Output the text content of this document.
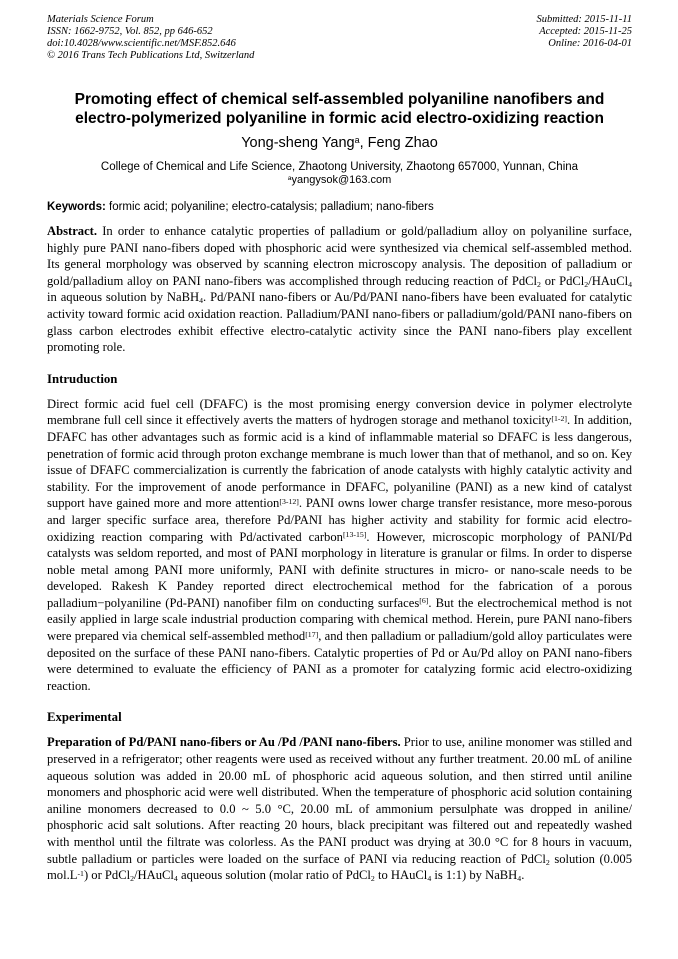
Materials Science Forum
ISSN: 1662-9752, Vol. 852, pp 646-652
doi:10.4028/www.scientific.net/MSF.852.646
© 2016 Trans Tech Publications Ltd, Switzerland
Submitted: 2015-11-11
Accepted: 2015-11-25
Online: 2016-04-01
Promoting effect of chemical self-assembled polyaniline nanofibers and electro-polymerized polyaniline in formic acid electro-oxidizing reaction
Yong-sheng Yang$^a$, Feng Zhao
College of Chemical and Life Science, Zhaotong University, Zhaotong 657000, Yunnan, China
$^a$yangysok@163.com
Keywords: formic acid; polyaniline; electro-catalysis; palladium; nano-fibers

Abstract. In order to enhance catalytic properties of palladium or gold/palladium alloy on polyaniline surface, highly pure PANI nano-fibers doped with phosphoric acid were synthesized via chemical self-assembled method. Its general morphology was observed by scanning electron microscopy analysis. The deposition of palladium or gold/palladium alloy on PANI nano-fibers was accomplished through reducing reaction of PdCl$_2$ or PdCl$_2$/HAuCl$_4$ in aqueous solution by NaBH$_4$. Pd/PANI nano-fibers or Au/Pd/PANI nano-fibers have been evaluated for catalytic activity toward formic acid oxidation reaction. Palladium/PANI nano-fibers or palladium/gold/PANI nano-fibers on glass carbon electrodes exhibit effective electro-catalytic activity since the PANI nano-fibers play excellent promoting role.

Intruduction

Direct formic acid fuel cell (DFAFC) is the most promising energy conversion device in polymer electrolyte membrane full cell since it effectively averts the matters of hydrogen storage and methanol toxicity[1-2]. In addition, DFAFC has other advantages such as formic acid is a kind of inflammable material so DFAFC is less dangerous, penetration of formic acid through proton exchange membrane is much lower than that of methanol, and so on. Key issue of DFAFC commercialization is currently the fabrication of anode catalysts with highly catalytic activity and stability. For the improvement of anode performance in DFAFC, polyaniline (PANI) as a new kind of catalyst support have gained more and more attention[3-12]. PANI owns lower charge transfer resistance, more meso-porous and larger specific surface area, therefore Pd/PANI has higher activity and stability for formic acid electro-oxidizing reaction comparing with Pd/activated carbon[13-15]. However, microscopic morphology of PANI/Pd catalysts was seldom reported, and most of PANI morphology in literature is granular or films. In order to disperse noble metal among PANI more uniformly, PANI with definite structures in micro- or nano-scale needs to be developed. Rakesh K Pandey reported direct electrochemical method for the fabrication of a porous palladium−polyaniline (Pd-PANI) nanofiber film on conducting surfaces[6]. But the electrochemical method is not easily applied in large scale industrial production comparing with chemical method. Herein, pure PANI nano-fibers were prepared via chemical self-assembled method[17], and then palladium or palladium/gold alloy particulates were deposited on the surface of these PANI nano-fibers. Catalytic properties of Pd or Au/Pd alloy on PANI nano-fibers were determined to evaluate the efficiency of PANI as a promoter for catalyzing formic acid electro-oxidizing reaction.

Experimental

Preparation of Pd/PANI nano-fibers or Au /Pd /PANI nano-fibers. Prior to use, aniline monomer was stilled and preserved in a refrigerator; other reagents were used as received without any further treatment. 20.00 mL of aniline aqueous solution was added in 20.00 mL of phosphoric acid aqueous solution, and then stirred until aniline monomers and phosphoric acid were well distributed. When the temperature of phosphoric acid solution containing aniline monomers decreased to 0.0 ~ 5.0 °C, 20.00 mL of ammonium persulphate was dropped in aniline/ phosphoric acid salt solutions. After reacting 20 hours, black precipitant was filtered out and repeatedly washed with menthol until the filtrate was colorless. As the PANI product was drying at 30.0 °C for 8 hours in vacuum, subtle palladium or particles were loaded on the surface of PANI via reducing reaction of PdCl$_2$ solution (0.005 $mol.L^{-1}$) or PdCl$_2$/HAuCl$_4$ aqueous solution (molar ratio of PdCl$_2$ to HAuCl$_4$ is 1:1) by NaBH$_4$.
